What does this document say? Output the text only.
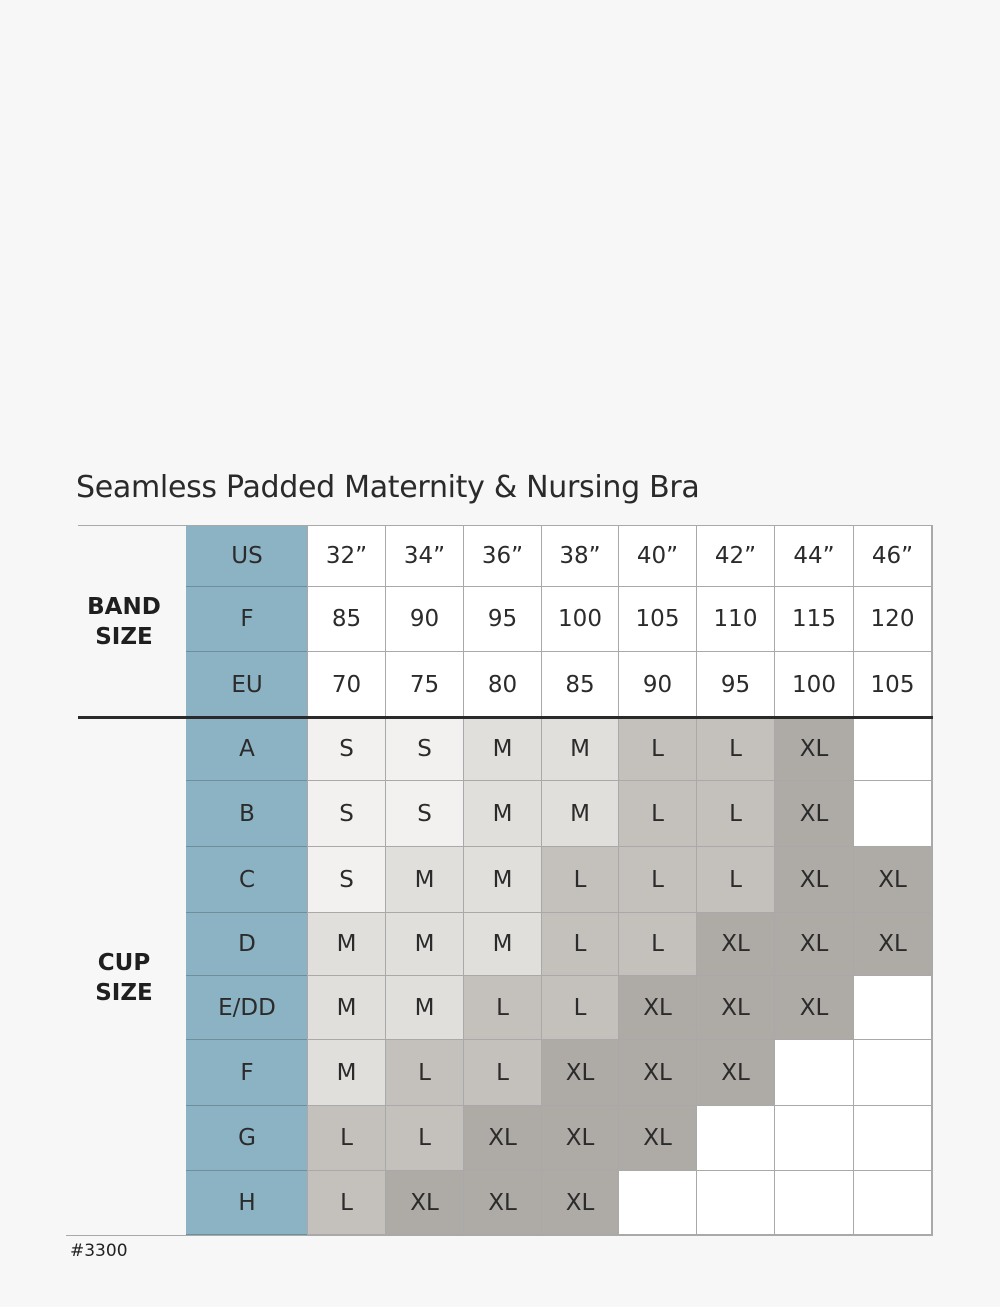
Seamless Padded Maternity & Nursing Bra
BAND SIZE
CUP SIZE
US	32”	34”	36”	38”	40”	42”	44”	46”
F	85	90	95	100	105	110	115	120
EU	70	75	80	85	90	95	100	105
A	S	S	M	M	L	L	XL
B	S	S	M	M	L	L	XL
C	S	M	M	L	L	L	XL	XL
D	M	M	M	L	L	XL	XL	XL
E/DD	M	M	L	L	XL	XL	XL
F	M	L	L	XL	XL	XL
G	L	L	XL	XL	XL
H	L	XL	XL	XL
#3300
